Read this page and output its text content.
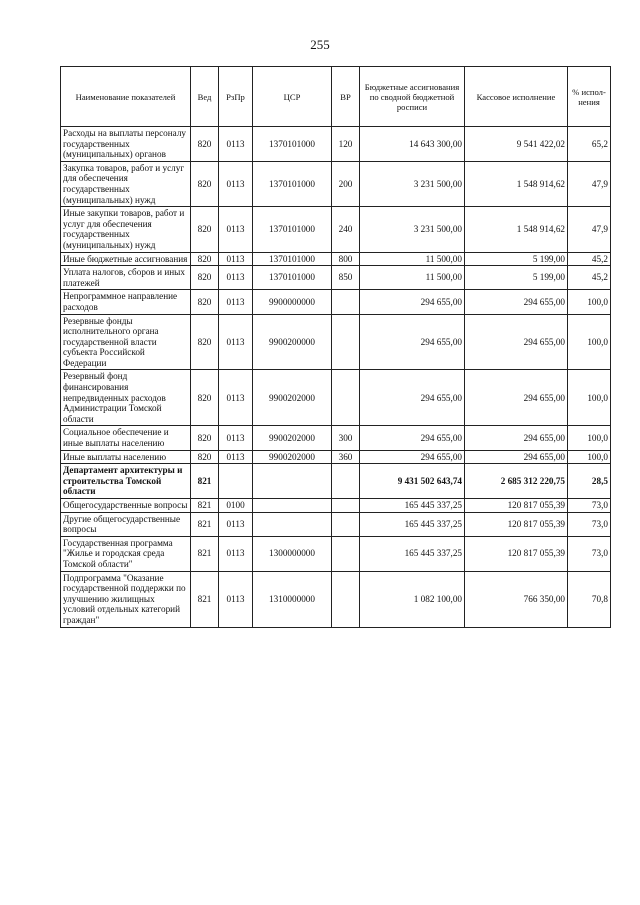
255
Наименование показателей	Вед	РзПр	ЦСР	ВР	Бюджетные ассигнования по сводной бюджетной росписи	Кассовое исполнение	% испол-нения
Расходы на выплаты персоналу государственных (муниципальных) органов	820	0113	1370101000	120	14 643 300,00	9 541 422,02	65,2
Закупка товаров, работ и услуг для обеспечения государственных (муниципальных) нужд	820	0113	1370101000	200	3 231 500,00	1 548 914,62	47,9
Иные закупки товаров, работ и услуг для обеспечения государственных (муниципальных) нужд	820	0113	1370101000	240	3 231 500,00	1 548 914,62	47,9
Иные бюджетные ассигнования	820	0113	1370101000	800	11 500,00	5 199,00	45,2
Уплата налогов, сборов и иных платежей	820	0113	1370101000	850	11 500,00	5 199,00	45,2
Непрограммное направление расходов	820	0113	9900000000		294 655,00	294 655,00	100,0
Резервные фонды исполнительного органа государственной власти субъекта Российской Федерации	820	0113	9900200000		294 655,00	294 655,00	100,0
Резервный фонд финансирования непредвиденных расходов Администрации Томской области	820	0113	9900202000		294 655,00	294 655,00	100,0
Социальное обеспечение и иные выплаты населению	820	0113	9900202000	300	294 655,00	294 655,00	100,0
Иные выплаты населению	820	0113	9900202000	360	294 655,00	294 655,00	100,0
Департамент архитектуры и строительства Томской области	821				9 431 502 643,74	2 685 312 220,75	28,5
Общегосударственные вопросы	821	0100			165 445 337,25	120 817 055,39	73,0
Другие общегосударственные вопросы	821	0113			165 445 337,25	120 817 055,39	73,0
Государственная программа "Жилье и городская среда Томской области"	821	0113	1300000000		165 445 337,25	120 817 055,39	73,0
Подпрограмма "Оказание государственной поддержки по улучшению жилищных условий отдельных категорий граждан"	821	0113	1310000000		1 082 100,00	766 350,00	70,8
